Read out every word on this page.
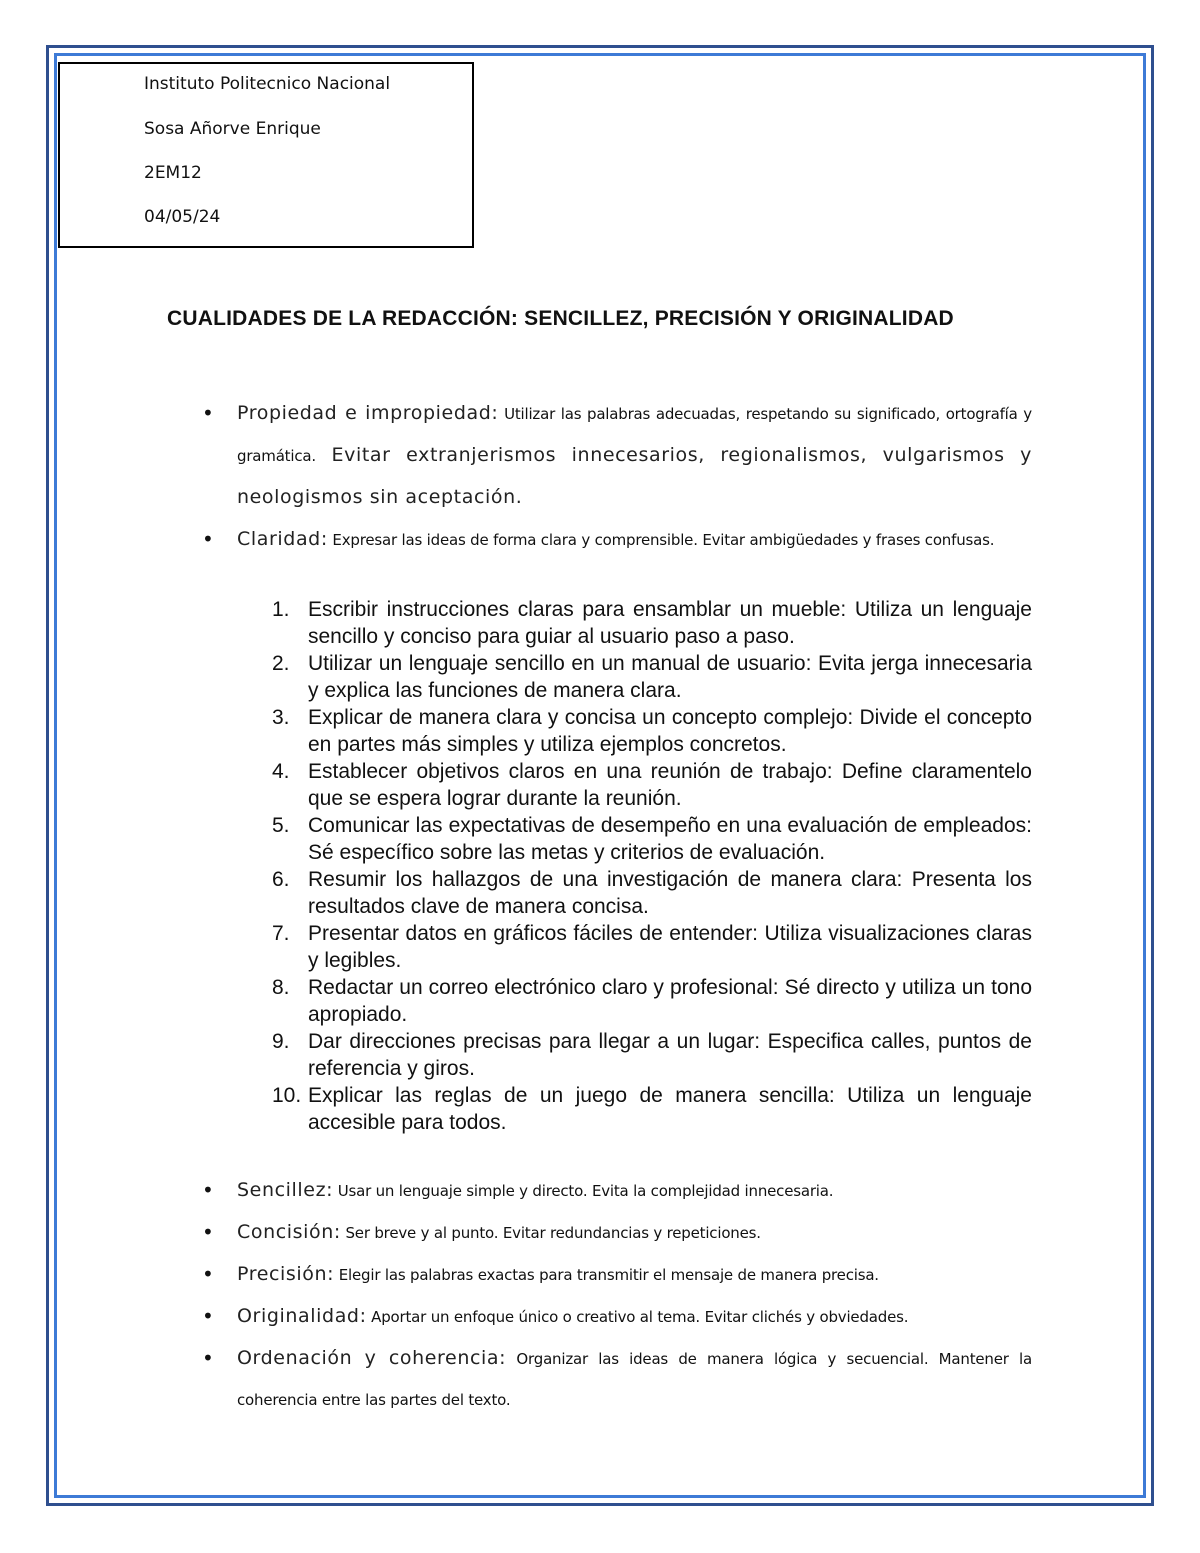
Instituto Politecnico Nacional

Sosa Añorve Enrique

2EM12

04/05/24

CUALIDADES DE LA REDACCIÓN: SENCILLEZ, PRECISIÓN Y ORIGINALIDAD
• Propiedad e impropiedad: Utilizar las palabras adecuadas, respetando su significado, ortografía y gramática. Evitar extranjerismos innecesarios, regionalismos, vulgarismos y neologismos sin aceptación.
• Claridad: Expresar las ideas de forma clara y comprensible. Evitar ambigüedades y frases confusas.
1. Escribir instrucciones claras para ensamblar un mueble: Utiliza un lenguaje sencillo y conciso para guiar al usuario paso a paso.
2. Utilizar un lenguaje sencillo en un manual de usuario: Evita jerga innecesaria y explica las funciones de manera clara.
3. Explicar de manera clara y concisa un concepto complejo: Divide el concepto en partes más simples y utiliza ejemplos concretos.
4. Establecer objetivos claros en una reunión de trabajo: Define claramentelo que se espera lograr durante la reunión.
5. Comunicar las expectativas de desempeño en una evaluación de empleados: Sé específico sobre las metas y criterios de evaluación.
6. Resumir los hallazgos de una investigación de manera clara: Presenta los resultados clave de manera concisa.
7. Presentar datos en gráficos fáciles de entender: Utiliza visualizaciones claras y legibles.
8. Redactar un correo electrónico claro y profesional: Sé directo y utiliza un tono apropiado.
9. Dar direcciones precisas para llegar a un lugar: Especifica calles, puntos de referencia y giros.
10. Explicar las reglas de un juego de manera sencilla: Utiliza un lenguaje accesible para todos.
• Sencillez: Usar un lenguaje simple y directo. Evita la complejidad innecesaria.
• Concisión: Ser breve y al punto. Evitar redundancias y repeticiones.
• Precisión: Elegir las palabras exactas para transmitir el mensaje de manera precisa.
• Originalidad: Aportar un enfoque único o creativo al tema. Evitar clichés y obviedades.
• Ordenación y coherencia: Organizar las ideas de manera lógica y secuencial. Mantener la coherencia entre las partes del texto.
